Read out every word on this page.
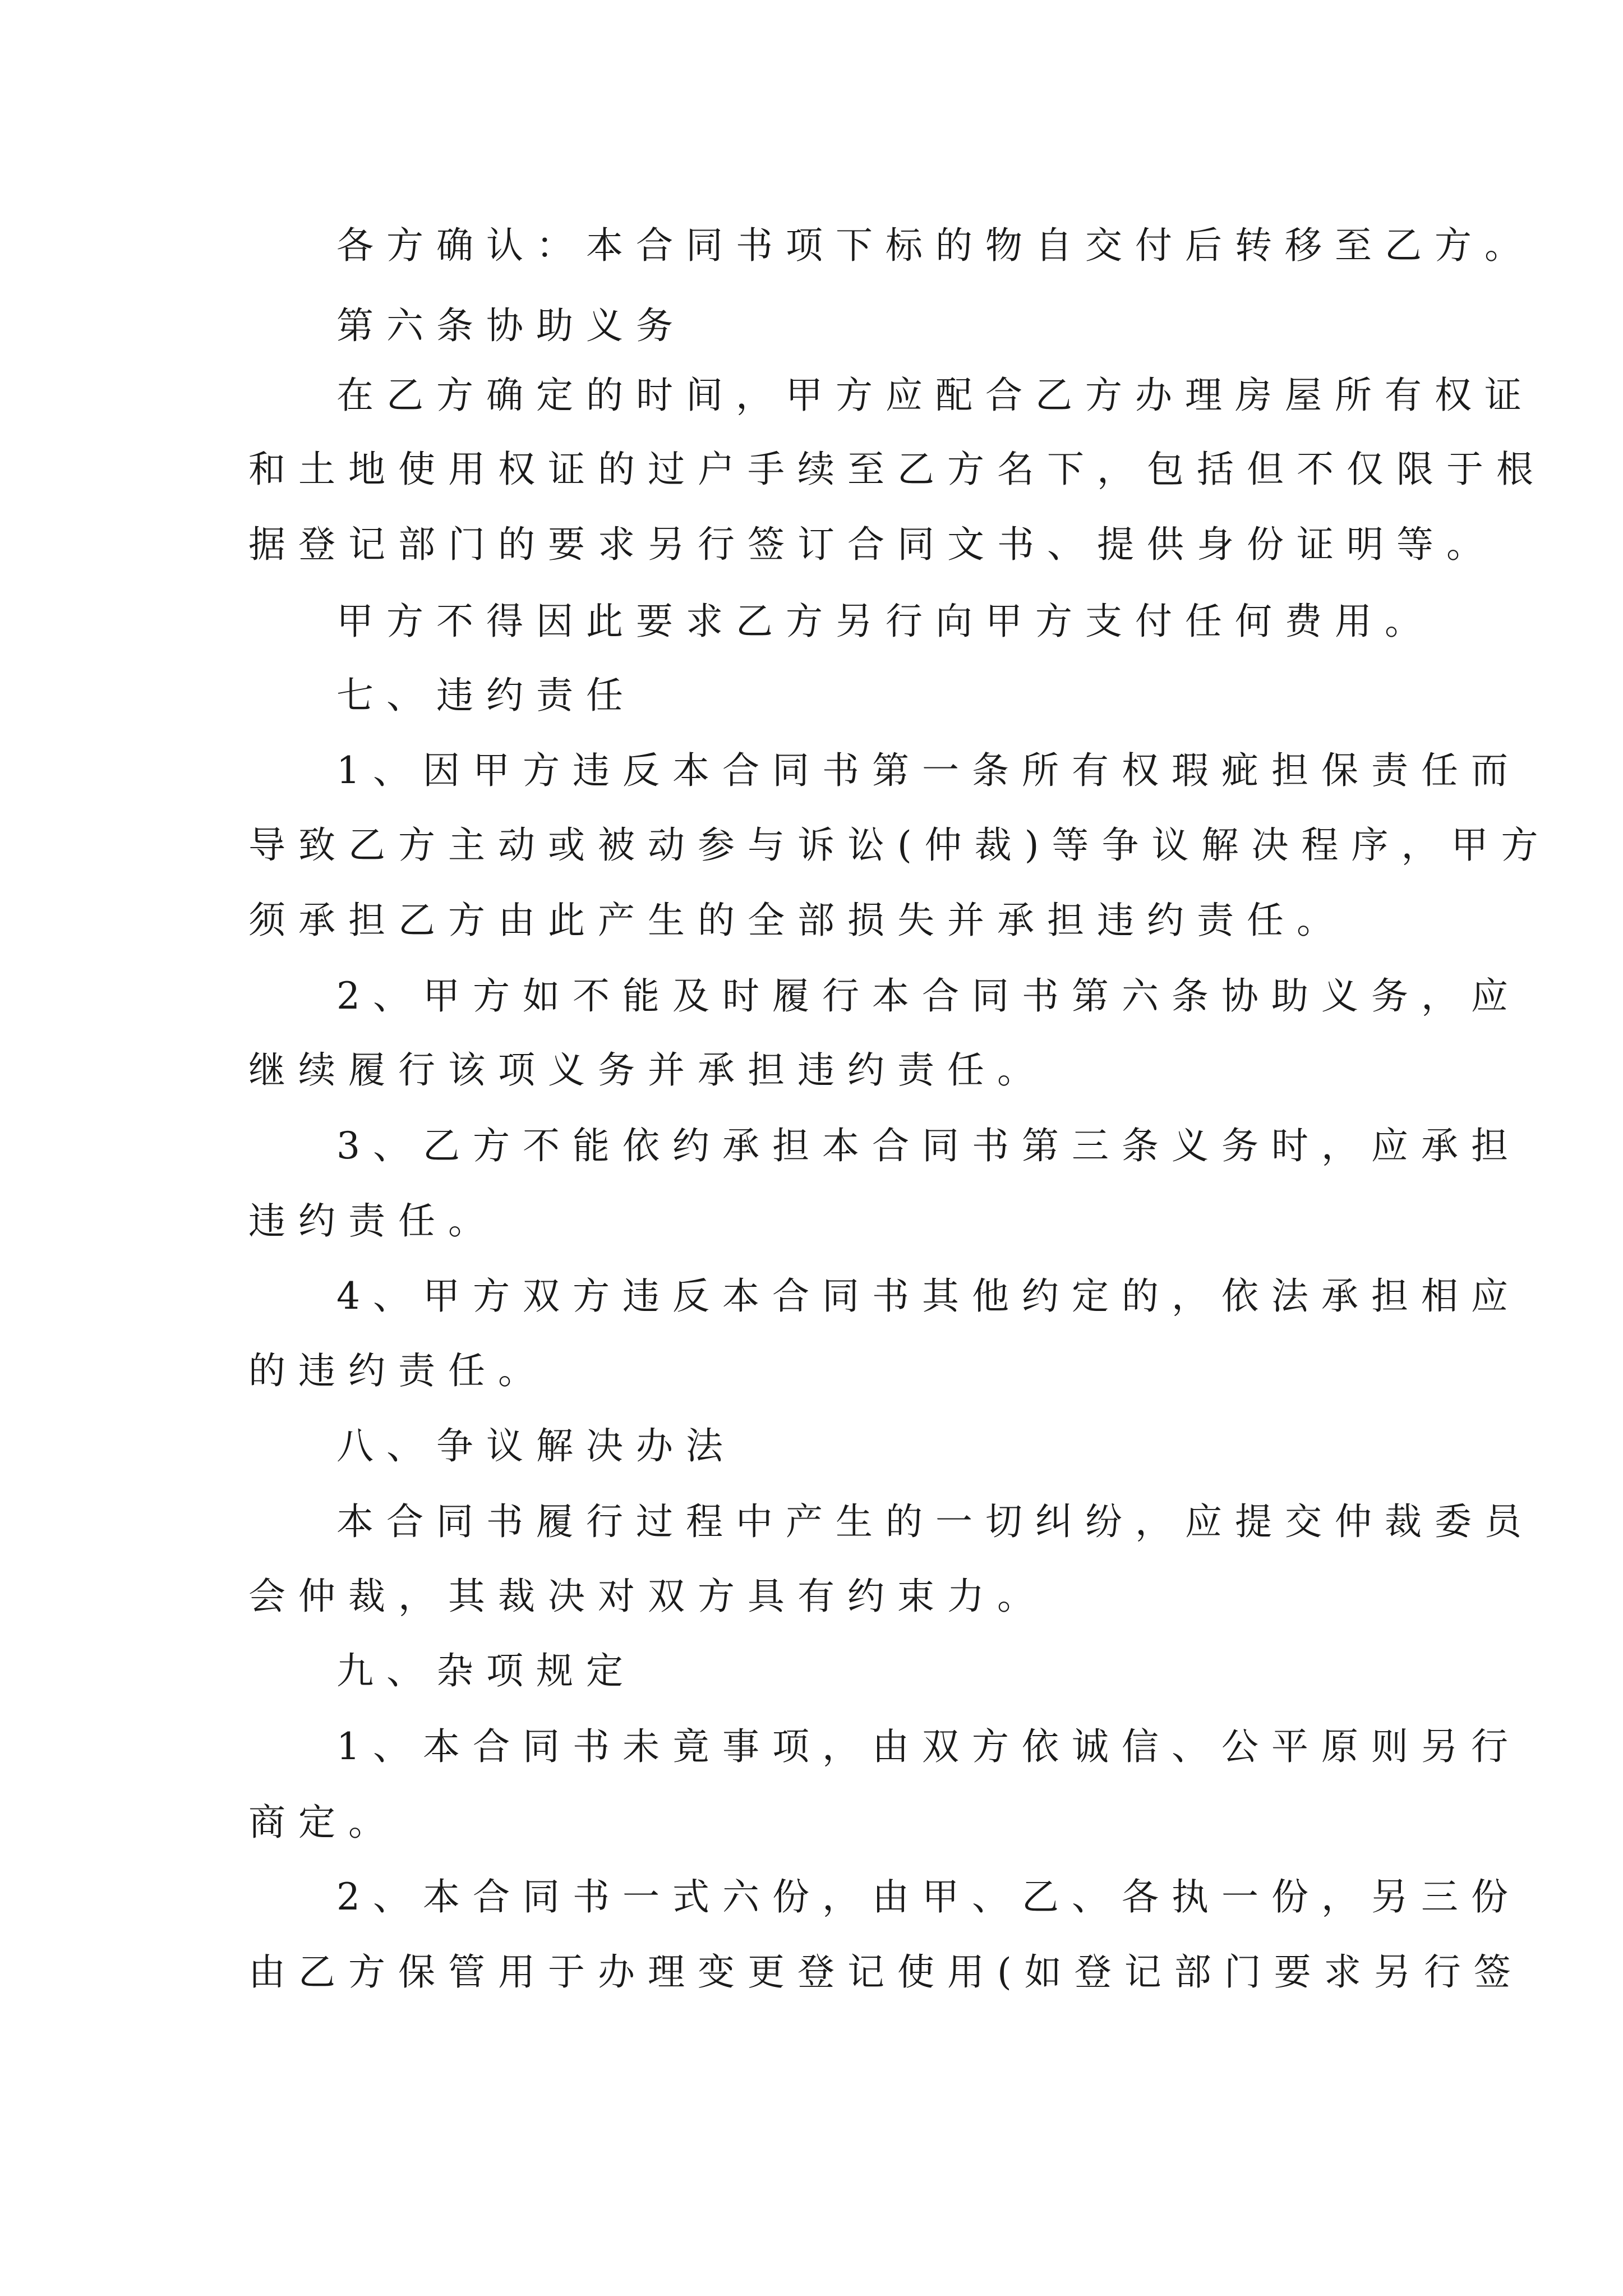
各方确认：本合同书项下标的物自交付后转移至乙方。
第六条协助义务
在乙方确定的时间，甲方应配合乙方办理房屋所有权证
和土地使用权证的过户手续至乙方名下，包括但不仅限于根
据登记部门的要求另行签订合同文书、提供身份证明等。
甲方不得因此要求乙方另行向甲方支付任何费用。
七、违约责任
1、因甲方违反本合同书第一条所有权瑕疵担保责任而
导致乙方主动或被动参与诉讼(仲裁)等争议解决程序，甲方
须承担乙方由此产生的全部损失并承担违约责任。
2、甲方如不能及时履行本合同书第六条协助义务，应
继续履行该项义务并承担违约责任。
3、乙方不能依约承担本合同书第三条义务时，应承担
违约责任。
4、甲方双方违反本合同书其他约定的，依法承担相应
的违约责任。
八、争议解决办法
本合同书履行过程中产生的一切纠纷，应提交仲裁委员
会仲裁，其裁决对双方具有约束力。
九、杂项规定
1、本合同书未竟事项，由双方依诚信、公平原则另行
商定。
2、本合同书一式六份，由甲、乙、各执一份，另三份
由乙方保管用于办理变更登记使用(如登记部门要求另行签
